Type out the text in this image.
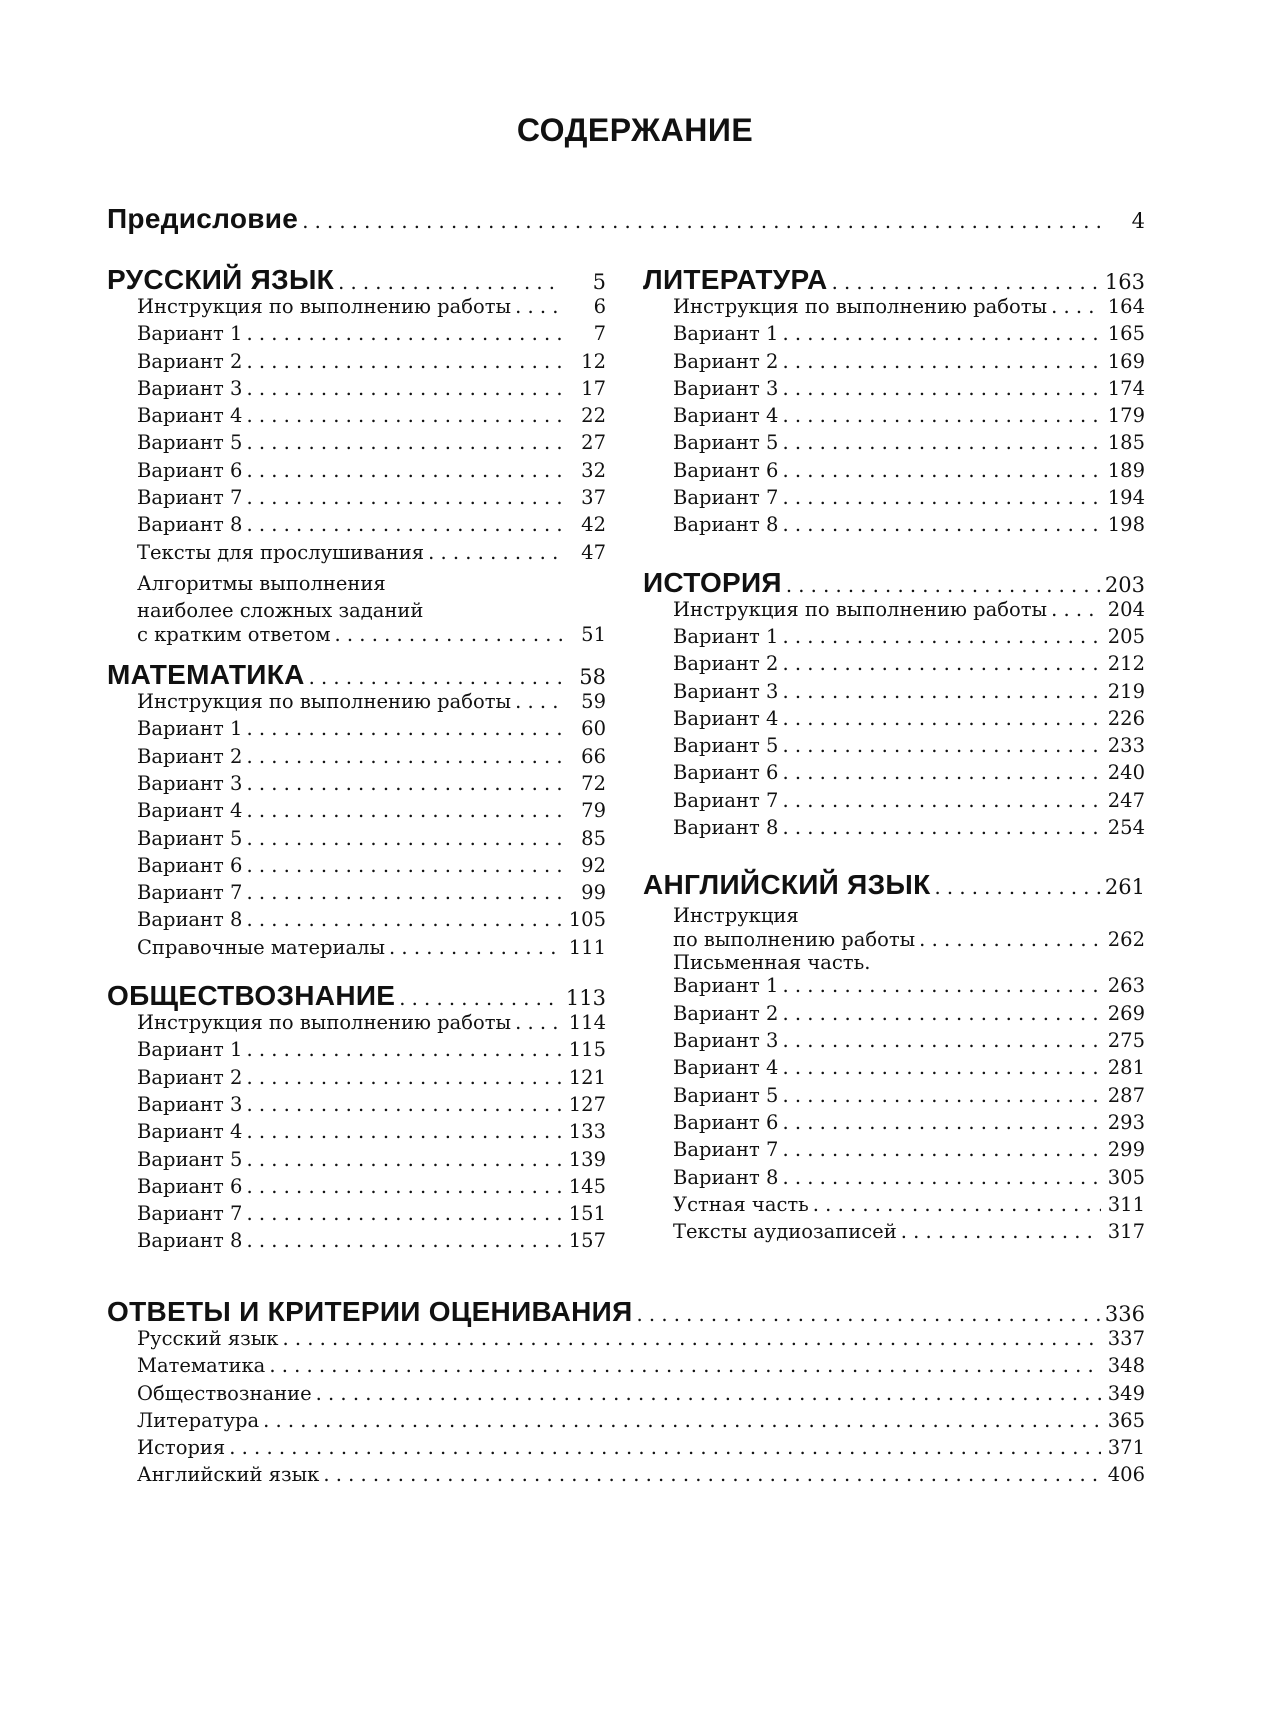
СОДЕРЖАНИЕ
Предисловие . . .	4
РУССКИЙ ЯЗЫК . . .	5
Инструкция по выполнению работы . . .	6
Вариант 1 . . .	7
Вариант 2 . . .	12
Вариант 3 . . .	17
Вариант 4 . . .	22
Вариант 5 . . .	27
Вариант 6 . . .	32
Вариант 7 . . .	37
Вариант 8 . . .	42
Тексты для прослушивания . . .	47
Алгоритмы выполнения
наиболее сложных заданий
с кратким ответом . . .	51
МАТЕМАТИКА . . .	58
Инструкция по выполнению работы . . .	59
Вариант 1 . . .	60
Вариант 2 . . .	66
Вариант 3 . . .	72
Вариант 4 . . .	79
Вариант 5 . . .	85
Вариант 6 . . .	92
Вариант 7 . . .	99
Вариант 8 . . .	105
Справочные материалы . . .	111
ОБЩЕСТВОЗНАНИЕ . . .	113
Инструкция по выполнению работы . . .	114
Вариант 1 . . .	115
Вариант 2 . . .	121
Вариант 3 . . .	127
Вариант 4 . . .	133
Вариант 5 . . .	139
Вариант 6 . . .	145
Вариант 7 . . .	151
Вариант 8 . . .	157
ЛИТЕРАТУРА . . .	163
Инструкция по выполнению работы . . .	164
Вариант 1 . . .	165
Вариант 2 . . .	169
Вариант 3 . . .	174
Вариант 4 . . .	179
Вариант 5 . . .	185
Вариант 6 . . .	189
Вариант 7 . . .	194
Вариант 8 . . .	198
ИСТОРИЯ . . .	203
Инструкция по выполнению работы . . .	204
Вариант 1 . . .	205
Вариант 2 . . .	212
Вариант 3 . . .	219
Вариант 4 . . .	226
Вариант 5 . . .	233
Вариант 6 . . .	240
Вариант 7 . . .	247
Вариант 8 . . .	254
АНГЛИЙСКИЙ ЯЗЫК . . .	261
Инструкция
по выполнению работы . . .	262
Письменная часть.
Вариант 1 . . .	263
Вариант 2 . . .	269
Вариант 3 . . .	275
Вариант 4 . . .	281
Вариант 5 . . .	287
Вариант 6 . . .	293
Вариант 7 . . .	299
Вариант 8 . . .	305
Устная часть . . .	311
Тексты аудиозаписей . . .	317
ОТВЕТЫ И КРИТЕРИИ ОЦЕНИВАНИЯ . . .	336
Русский язык . . .	337
Математика . . .	348
Обществознание . . .	349
Литература . . .	365
История . . .	371
Английский язык . . .	406
